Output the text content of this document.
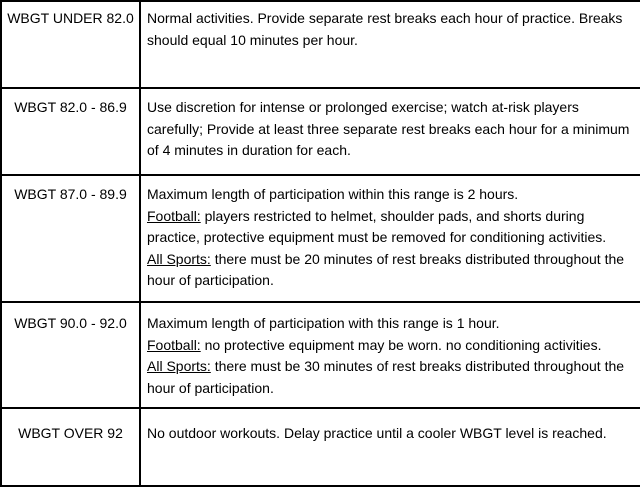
WBGT UNDER 82.0	Normal activities. Provide separate rest breaks each hour of practice. Breaks should equal 10 minutes per hour.

WBGT 82.0 - 86.9	Use discretion for intense or prolonged exercise; watch at-risk players carefully; Provide at least three separate rest breaks each hour for a minimum of 4 minutes in duration for each.

WBGT 87.0 - 89.9	Maximum length of participation within this range is 2 hours.
Football: players restricted to helmet, shoulder pads, and shorts during practice, protective equipment must be removed for conditioning activities.
All Sports: there must be 20 minutes of rest breaks distributed throughout the hour of participation.

WBGT 90.0 - 92.0	Maximum length of participation with this range is 1 hour.
Football: no protective equipment may be worn. no conditioning activities.
All Sports: there must be 30 minutes of rest breaks distributed throughout the hour of participation.

WBGT OVER 92	No outdoor workouts. Delay practice until a cooler WBGT level is reached.
